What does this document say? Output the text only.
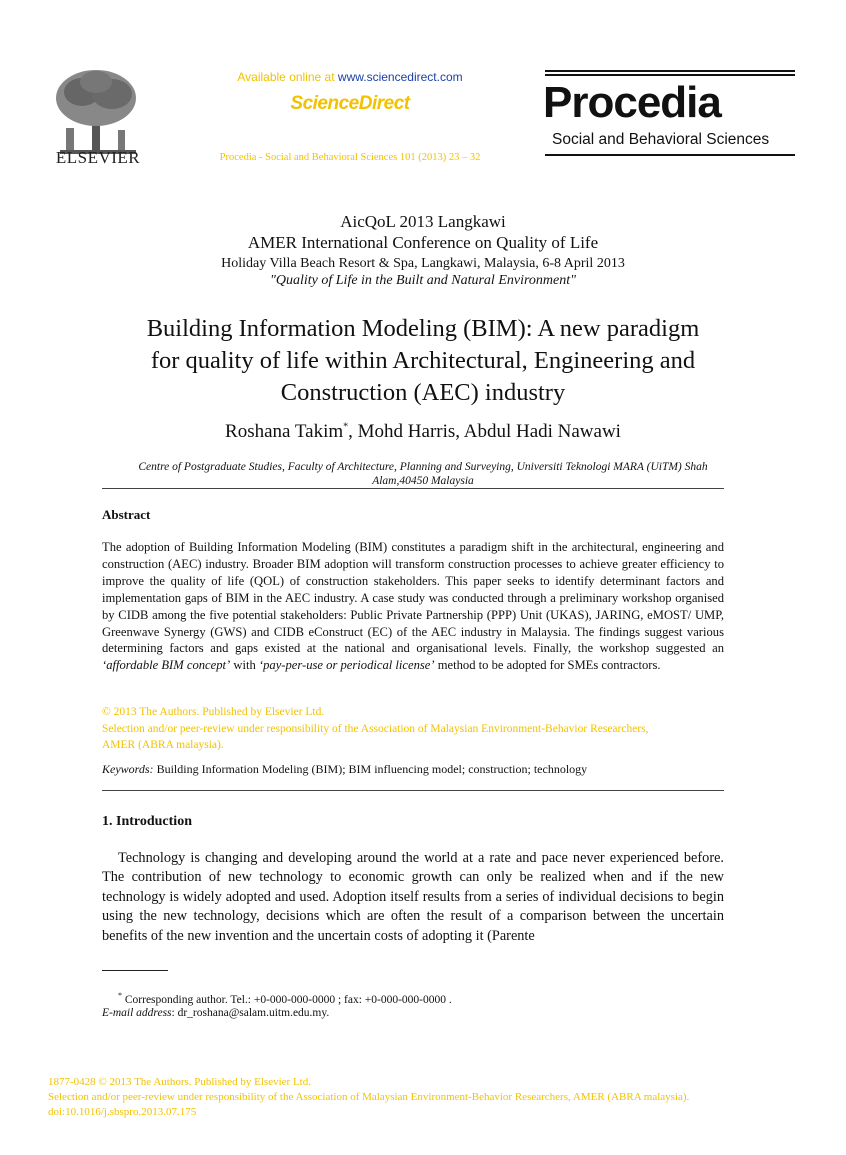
ELSEVIER
Available online at www.sciencedirect.com
ScienceDirect
Procedia - Social and Behavioral Sciences 101 (2013) 23 – 32
Procedia
Social and Behavioral Sciences
AicQoL 2013 Langkawi
AMER International Conference on Quality of Life
Holiday Villa Beach Resort & Spa, Langkawi, Malaysia, 6-8 April 2013
"Quality of Life in the Built and Natural Environment"
Building Information Modeling (BIM): A new paradigm
for quality of life within Architectural, Engineering and
Construction (AEC) industry
Roshana Takim*, Mohd Harris, Abdul Hadi Nawawi
Centre of Postgraduate Studies, Faculty of Architecture, Planning and Surveying, Universiti Teknologi MARA (UiTM) Shah
Alam,40450 Malaysia
Abstract
The adoption of Building Information Modeling (BIM) constitutes a paradigm shift in the architectural, engineering and construction (AEC) industry. Broader BIM adoption will transform construction processes to achieve greater efficiency to improve the quality of life (QOL) of construction stakeholders. This paper seeks to identify determinant factors and implementation gaps of BIM in the AEC industry. A case study was conducted through a preliminary workshop organised by CIDB among the five potential stakeholders: Public Private Partnership (PPP) Unit (UKAS), JARING, eMOST/ UMP, Greenwave Synergy (GWS) and CIDB eConstruct (EC) of the AEC industry in Malaysia. The findings suggest various determining factors and gaps existed at the national and organisational levels. Finally, the workshop suggested an ‘affordable BIM concept’ with ‘pay-per-use or periodical license’ method to be adopted for SMEs contractors.
© 2013 The Authors. Published by Elsevier Ltd.
Selection and/or peer-review under responsibility of the Association of Malaysian Environment-Behavior Researchers,
AMER (ABRA malaysia).
Keywords: Building Information Modeling (BIM); BIM influencing model; construction; technology
1. Introduction
Technology is changing and developing around the world at a rate and pace never experienced before. The contribution of new technology to economic growth can only be realized when and if the new technology is widely adopted and used. Adoption itself results from a series of individual decisions to begin using the new technology, decisions which are often the result of a comparison between the uncertain benefits of the new invention and the uncertain costs of adopting it (Parente
* Corresponding author. Tel.: +0-000-000-0000 ; fax: +0-000-000-0000 .
E-mail address: dr_roshana@salam.uitm.edu.my.
1877-0428 © 2013 The Authors. Published by Elsevier Ltd.
Selection and/or peer-review under responsibility of the Association of Malaysian Environment-Behavior Researchers, AMER (ABRA malaysia).
doi:10.1016/j.sbspro.2013.07.175
